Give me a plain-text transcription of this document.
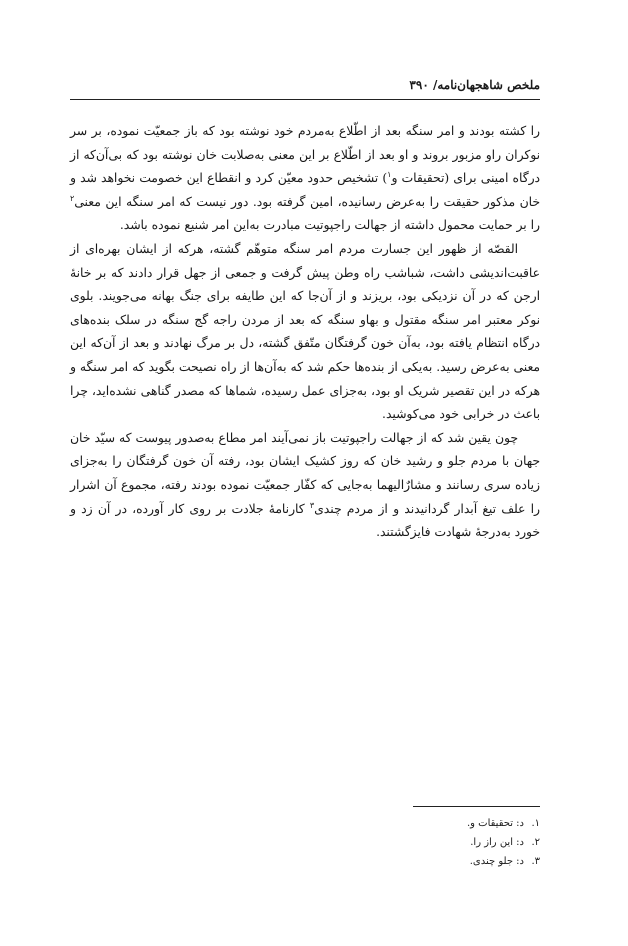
ملخص شاهجهان‌نامه/ ۳۹۰

را کشته بودند و امر سنگه بعد از اطّلاع به‌مردم خود نوشته بود که باز جمعیّت نموده، بر سر نوکران راو مزبور بروند و او بعد از اطّلاع بر این معنی به‌صلابت خان نوشته بود که بی‌آن‌که از درگاه امینی برای (تحقیقات و$^۱$) تشخیص حدود معیّن کرد و انقطاع این خصومت نخواهد شد و خان مذکور حقیقت را به‌عرض رسانیده، امین گرفته بود. دور نیست که امر سنگه این معنی$^۲$ را بر حمایت محمول داشته از جهالت راجپوتیت مبادرت به‌این امر شنیع نموده باشد.

القصّه از ظهور این جسارت مردم امر سنگه متوهّم گشته، هرکه از ایشان بهره‌ای از عاقبت‌اندیشی داشت، شباشب راه وطن پیش گرفت و جمعی از جهل قرار دادند که بر خانهٔ ارجن که در آن نزدیکی بود، بریزند و از آن‌جا که این طایفه برای جنگ بهانه می‌جویند. بلوی نوکر معتبر امر سنگه مقتول و بهاو سنگه که بعد از مردن راجه گج سنگه در سلک بنده‌های درگاه انتظام یافته بود، به‌آن خون گرفتگان متّفق گشته، دل بر مرگ نهادند و بعد از آن‌که این معنی به‌عرض رسید. به‌یکی از بنده‌ها حکم شد که به‌آن‌ها از راه نصیحت بگوید که امر سنگه و هرکه در این تقصیر شریک او بود، به‌جزای عمل رسیده، شماها که مصدر گناهی نشده‌اید، چرا باعث در خرابی خود می‌کوشید.

چون یقین شد که از جهالت راجپوتیت باز نمی‌آیند امر مطاع به‌صدور پیوست که سیّد خان جهان با مردم جلو و رشید خان که روز کشیک ایشان بود، رفته آن خون گرفتگان را به‌جزای زیاده سری رسانند و مشارٌالیهما به‌جایی که کفّار جمعیّت نموده بودند رفته، مجموع آن اشرار را علف تیغ آبدار گردانیدند و از مردم چندی$^۳$ کارنامهٔ جلادت بر روی کار آورده، در آن زد و خورد به‌درجهٔ شهادت فایزگشتند.

۱.د: تحقیقات و.
۲.د: این راز را.
۳.د: جلو چندی.
